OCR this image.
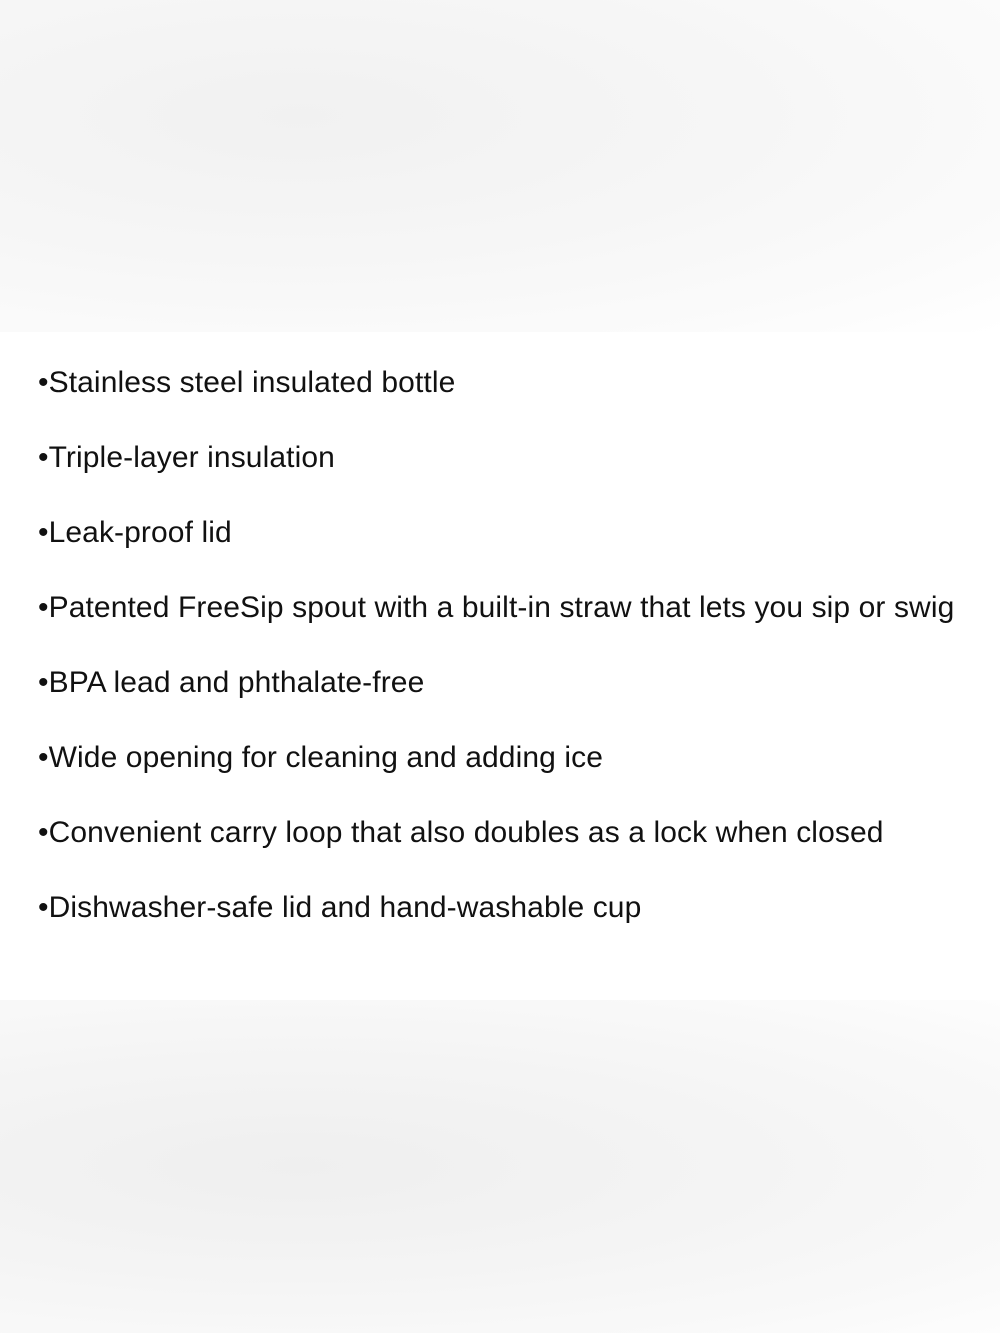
•Stainless steel insulated bottle
•Triple-layer insulation
•Leak-proof lid
•Patented FreeSip spout with a built-in straw that lets you sip or swig
•BPA lead and phthalate-free
•Wide opening for cleaning and adding ice
•Convenient carry loop that also doubles as a lock when closed
•Dishwasher-safe lid and hand-washable cup
